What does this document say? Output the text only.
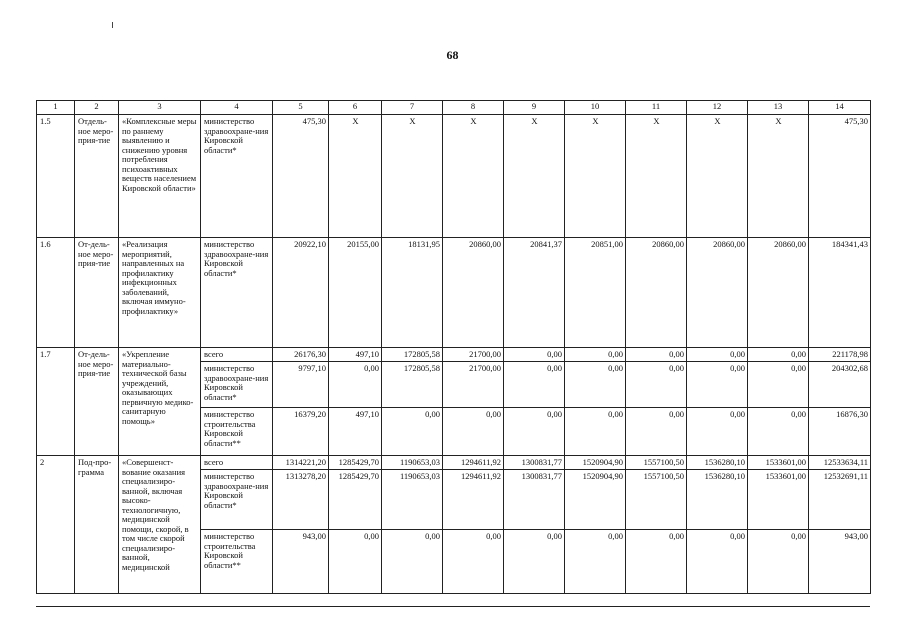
68
1	2	3	4	5	6	7	8	9	10	11	12	13	14
1.5	Отдель-ное меро-прия-тие	«Комплексные меры по раннему выявлению и снижению уровня потребления психоактивных веществ населением Кировской области»	министерство здравоохране-ния Кировской области*	475,30	X	X	X	X	X	X	X	X	475,30
1.6	От-дель-ное меро-прия-тие	«Реализация мероприятий, направленных на профилактику инфекционных заболеваний, включая иммуно-профилактику»	министерство здравоохране-ния Кировской области*	20922,10	20155,00	18131,95	20860,00	20841,37	20851,00	20860,00	20860,00	20860,00	184341,43
1.7	От-дель-ное меро-прия-тие	«Укрепление материально-технической базы учреждений, оказывающих первичную медико-санитарную помощь»	всего	26176,30	497,10	172805,58	21700,00	0,00	0,00	0,00	0,00	0,00	221178,98
			министерство здравоохране-ния Кировской области*	9797,10	0,00	172805,58	21700,00	0,00	0,00	0,00	0,00	0,00	204302,68
			министерство строительства Кировской области**	16379,20	497,10	0,00	0,00	0,00	0,00	0,00	0,00	0,00	16876,30
2	Под-про-грамма	«Совершенст-вование оказания специализиро-ванной, включая высоко-технологичную, медицинской помощи, скорой, в том числе скорой специализиро-ванной, медицинской	всего	1314221,20	1285429,70	1190653,03	1294611,92	1300831,77	1520904,90	1557100,50	1536280,10	1533601,00	12533634,11
			министерство здравоохране-ния Кировской области*	1313278,20	1285429,70	1190653,03	1294611,92	1300831,77	1520904,90	1557100,50	1536280,10	1533601,00	12532691,11
			министерство строительства Кировской области**	943,00	0,00	0,00	0,00	0,00	0,00	0,00	0,00	0,00	943,00
